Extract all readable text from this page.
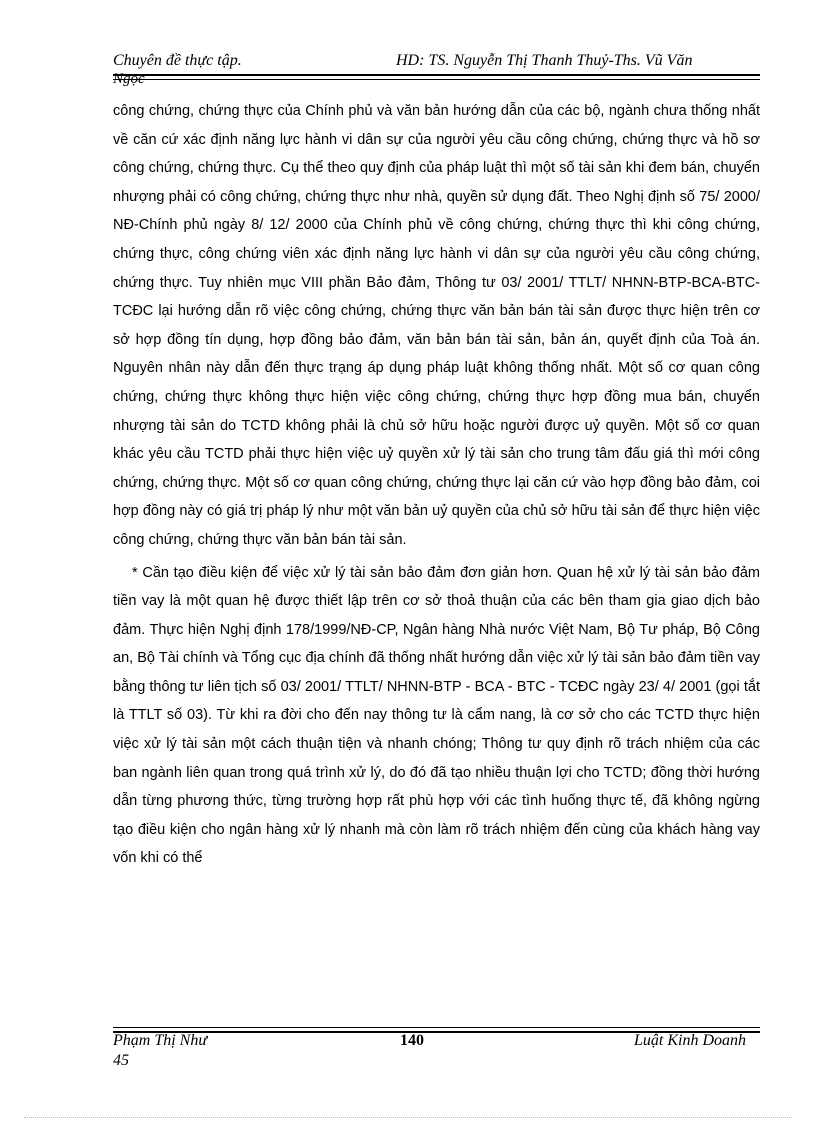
Chuyên đề thực tập.	HD: TS. Nguyễn Thị Thanh Thuỷ-Ths. Vũ Văn
Ngọc

công chứng, chứng thực của Chính phủ và văn bản hướng dẫn của các bộ, ngành chưa thống nhất về căn cứ xác định năng lực hành vi dân sự của người yêu cầu công chứng, chứng thực và hồ sơ công chứng, chứng thực. Cụ thể theo quy định của pháp luật thì một số tài sản khi đem bán, chuyển nhượng phải có công chứng, chứng thực như nhà, quyền sử dụng đất. Theo Nghị định số 75/ 2000/ NĐ-Chính phủ ngày 8/ 12/ 2000 của Chính phủ về công chứng, chứng thực thì khi công chứng, chứng thực, công chứng viên xác định năng lực hành vi dân sự của người yêu cầu công chứng, chứng thực. Tuy nhiên mục VIII phần Bảo đảm, Thông tư 03/ 2001/ TTLT/ NHNN-BTP-BCA-BTC-TCĐC lại hướng dẫn rõ việc công chứng, chứng thực văn bản bán tài sản được thực hiện trên cơ sở hợp đồng tín dụng, hợp đồng bảo đảm, văn bản bán tài sản, bản án, quyết định của Toà án. Nguyên nhân này dẫn đến thực trạng áp dụng pháp luật không thống nhất. Một số cơ quan công chứng, chứng thực không thực hiện việc công chứng, chứng thực hợp đồng mua bán, chuyển nhượng tài sản do TCTD không phải là chủ sở hữu hoặc người được uỷ quyền. Một số cơ quan khác yêu cầu TCTD phải thực hiện việc uỷ quyền xử lý tài sản cho trung tâm đấu giá thì mới công chứng, chứng thực. Một số cơ quan công chứng, chứng thực lại căn cứ vào hợp đồng bảo đảm, coi hợp đồng này có giá trị pháp lý như một văn bản uỷ quyền của chủ sở hữu tài sản để thực hiện việc công chứng, chứng thực văn bản bán tài sản.

* Cần tạo điều kiện để việc xử lý tài sản bảo đảm đơn giản hơn. Quan hệ xử lý tài sản bảo đảm tiền vay là một quan hệ được thiết lập trên cơ sở thoả thuận của các bên tham gia giao dịch bảo đảm. Thực hiện Nghị định 178/1999/NĐ-CP, Ngân hàng Nhà nước Việt Nam, Bộ Tư pháp, Bộ Công an, Bộ Tài chính và Tổng cục địa chính đã thống nhất hướng dẫn việc xử lý tài sản bảo đảm tiền vay bằng thông tư liên tịch số 03/ 2001/ TTLT/ NHNN-BTP - BCA - BTC - TCĐC ngày 23/ 4/ 2001 (gọi tắt là TTLT số 03). Từ khi ra đời cho đến nay thông tư là cẩm nang, là cơ sở cho các TCTD thực hiện việc xử lý tài sản một cách thuận tiện và nhanh chóng; Thông tư quy định rõ trách nhiệm của các ban ngành liên quan trong quá trình xử lý, do đó đã tạo nhiều thuận lợi cho TCTD; đồng thời hướng dẫn từng phương thức, từng trường hợp rất phù hợp với các tình huống thực tế, đã không ngừng tạo điều kiện cho ngân hàng xử lý nhanh mà còn làm rõ trách nhiệm đến cùng của khách hàng vay vốn khi có thể

Phạm Thị Như
45
140	Luật Kinh Doanh
